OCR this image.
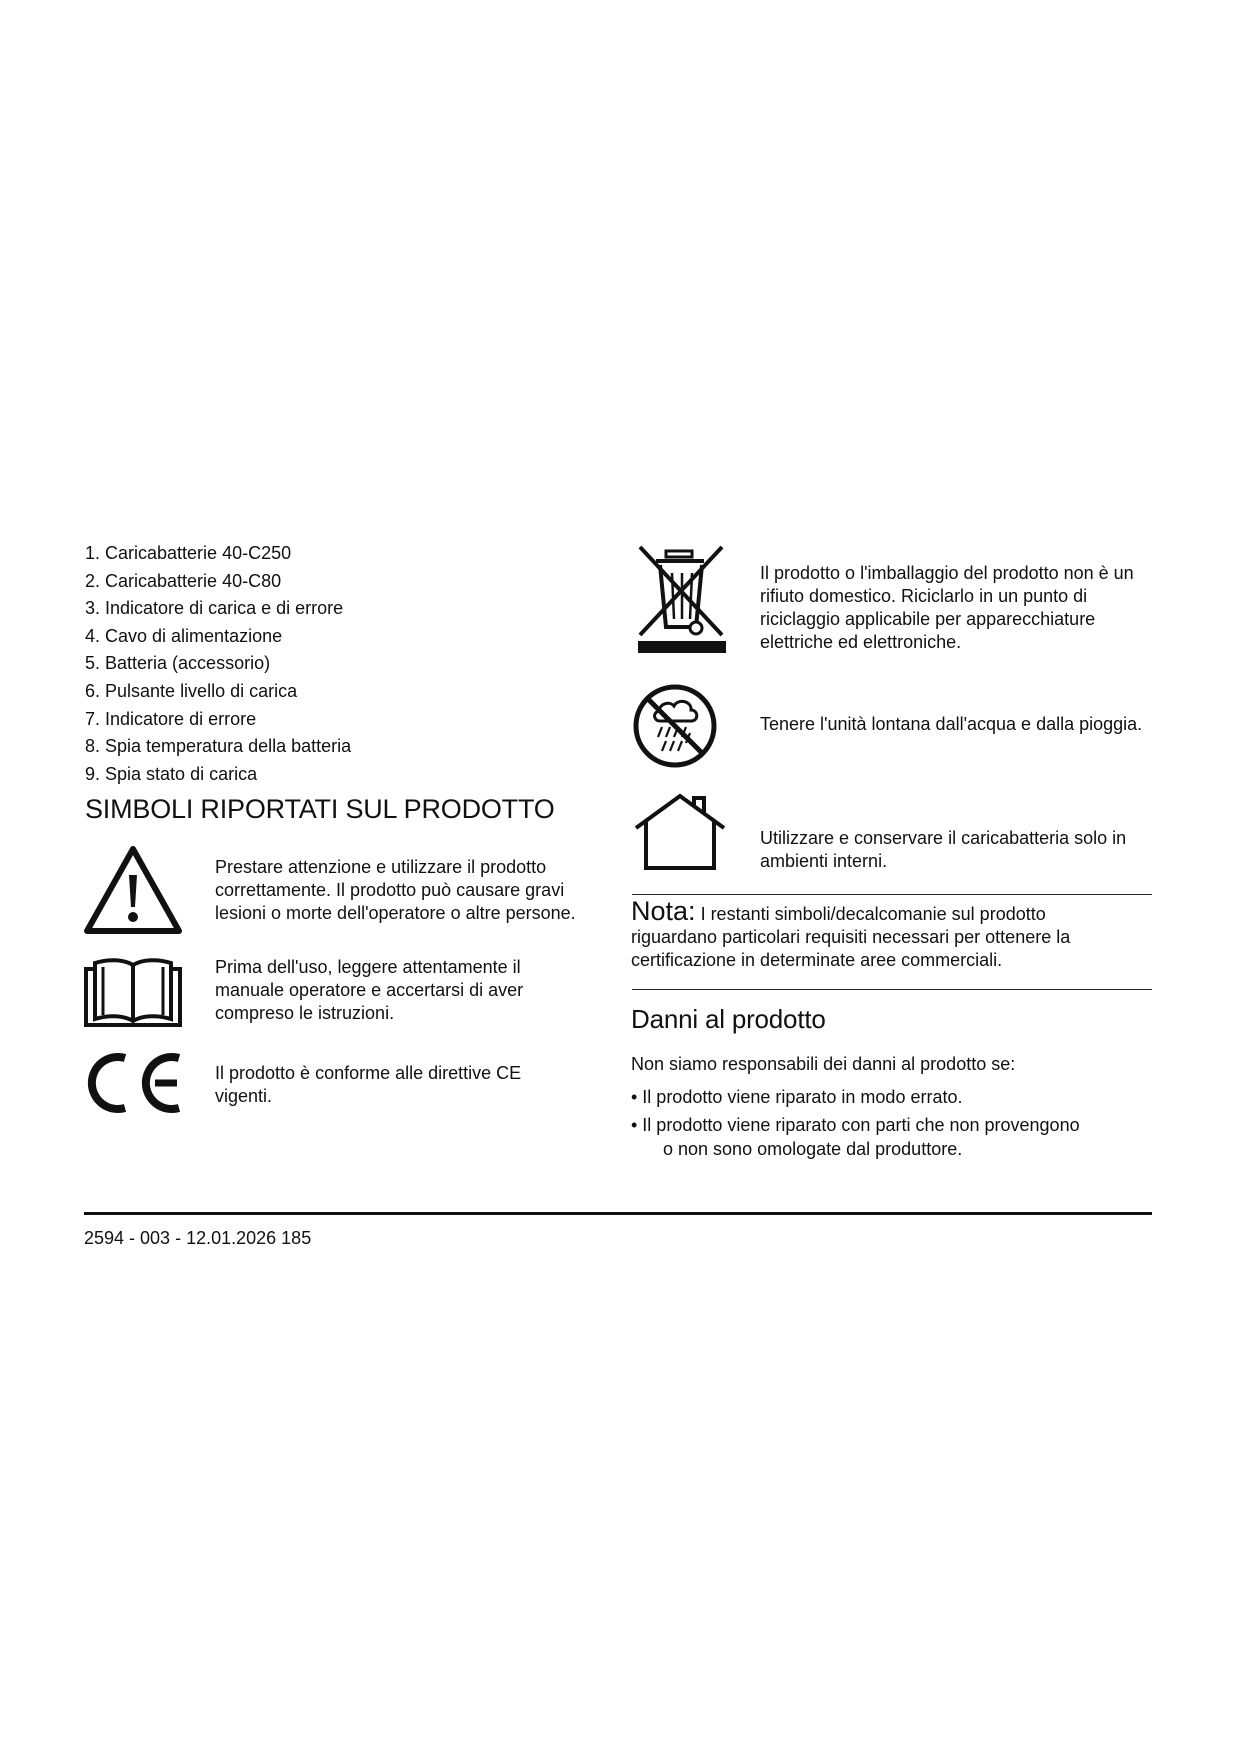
1. Caricabatterie 40-C250
2. Caricabatterie 40-C80
3. Indicatore di carica e di errore
4. Cavo di alimentazione
5. Batteria (accessorio)
6. Pulsante livello di carica
7. Indicatore di errore
8. Spia temperatura della batteria
9. Spia stato di carica
SIMBOLI RIPORTATI SUL PRODOTTO
Prestare attenzione e utilizzare il prodotto correttamente. Il prodotto può causare gravi lesioni o morte dell'operatore o altre persone.
Prima dell'uso, leggere attentamente il manuale operatore e accertarsi di aver compreso le istruzioni.
Il prodotto è conforme alle direttive CE vigenti.
Il prodotto o l'imballaggio del prodotto non è un rifiuto domestico. Riciclarlo in un punto di riciclaggio applicabile per apparecchiature elettriche ed elettroniche.
Tenere l'unità lontana dall'acqua e dalla pioggia.
Utilizzare e conservare il caricabatteria solo in ambienti interni.
Nota: I restanti simboli/decalcomanie sul prodotto riguardano particolari requisiti necessari per ottenere la certificazione in determinate aree commerciali.
Danni al prodotto
Non siamo responsabili dei danni al prodotto se:
• Il prodotto viene riparato in modo errato.
• Il prodotto viene riparato con parti che non provengono
o non sono omologate dal produttore.
2594 - 003 - 12.01.2026 185
